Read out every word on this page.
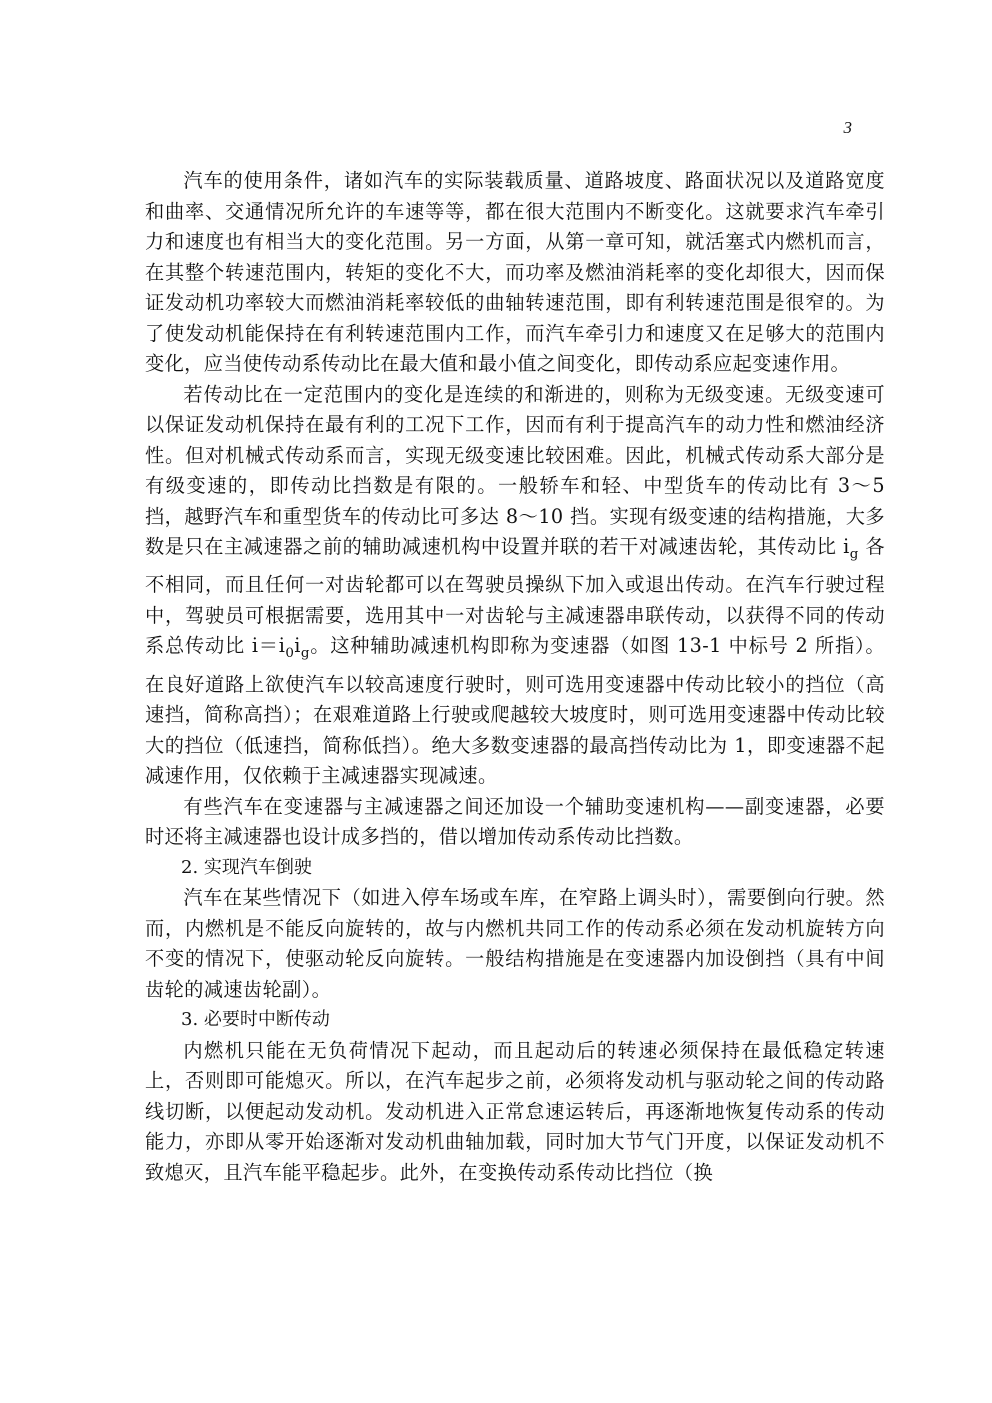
3

汽车的使用条件，诸如汽车的实际装载质量、道路坡度、路面状况以及道路宽度和曲率、交通情况所允许的车速等等，都在很大范围内不断变化。这就要求汽车牵引力和速度也有相当大的变化范围。另一方面，从第一章可知，就活塞式内燃机而言，在其整个转速范围内，转矩的变化不大，而功率及燃油消耗率的变化却很大，因而保证发动机功率较大而燃油消耗率较低的曲轴转速范围，即有利转速范围是很窄的。为了使发动机能保持在有利转速范围内工作，而汽车牵引力和速度又在足够大的范围内变化，应当使传动系传动比在最大值和最小值之间变化，即传动系应起变速作用。

若传动比在一定范围内的变化是连续的和渐进的，则称为无级变速。无级变速可以保证发动机保持在最有利的工况下工作，因而有利于提高汽车的动力性和燃油经济性。但对机械式传动系而言，实现无级变速比较困难。因此，机械式传动系大部分是有级变速的，即传动比挡数是有限的。一般轿车和轻、中型货车的传动比有 3～5 挡，越野汽车和重型货车的传动比可多达 8～10 挡。实现有级变速的结构措施，大多数是只在主减速器之前的辅助减速机构中设置并联的若干对减速齿轮，其传动比 $i_g$ 各不相同，而且任何一对齿轮都可以在驾驶员操纵下加入或退出传动。在汽车行驶过程中，驾驶员可根据需要，选用其中一对齿轮与主减速器串联传动，以获得不同的传动系总传动比 $i=i_0i_g$。这种辅助减速机构即称为变速器（如图 13-1 中标号 2 所指）。在良好道路上欲使汽车以较高速度行驶时，则可选用变速器中传动比较小的挡位（高速挡，简称高挡）；在艰难道路上行驶或爬越较大坡度时，则可选用变速器中传动比较大的挡位（低速挡，简称低挡）。绝大多数变速器的最高挡传动比为 1，即变速器不起减速作用，仅依赖于主减速器实现减速。

有些汽车在变速器与主减速器之间还加设一个辅助变速机构——副变速器，必要时还将主减速器也设计成多挡的，借以增加传动系传动比挡数。

2. 实现汽车倒驶

汽车在某些情况下（如进入停车场或车库，在窄路上调头时），需要倒向行驶。然而，内燃机是不能反向旋转的，故与内燃机共同工作的传动系必须在发动机旋转方向不变的情况下，使驱动轮反向旋转。一般结构措施是在变速器内加设倒挡（具有中间齿轮的减速齿轮副）。

3. 必要时中断传动

内燃机只能在无负荷情况下起动，而且起动后的转速必须保持在最低稳定转速上，否则即可能熄灭。所以，在汽车起步之前，必须将发动机与驱动轮之间的传动路线切断，以便起动发动机。发动机进入正常怠速运转后，再逐渐地恢复传动系的传动能力，亦即从零开始逐渐对发动机曲轴加载，同时加大节气门开度，以保证发动机不致熄灭，且汽车能平稳起步。此外，在变换传动系传动比挡位（换
